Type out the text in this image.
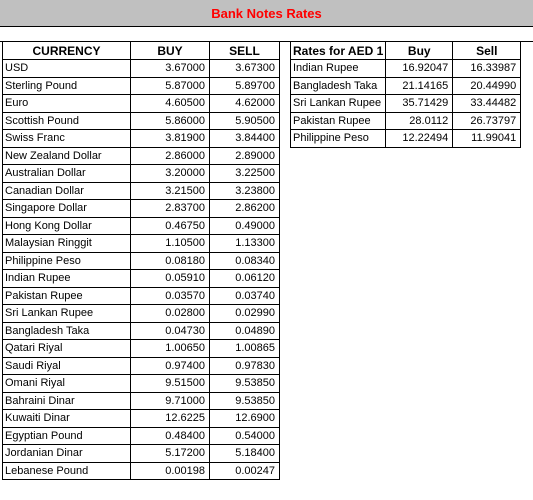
Bank Notes Rates
CURRENCY	BUY	SELL
USD	3.67000	3.67300
Sterling Pound	5.87000	5.89700
Euro	4.60500	4.62000
Scottish Pound	5.86000	5.90500
Swiss Franc	3.81900	3.84400
New Zealand Dollar	2.86000	2.89000
Australian Dollar	3.20000	3.22500
Canadian Dollar	3.21500	3.23800
Singapore Dollar	2.83700	2.86200
Hong Kong Dollar	0.46750	0.49000
Malaysian Ringgit	1.10500	1.13300
Philippine Peso	0.08180	0.08340
Indian Rupee	0.05910	0.06120
Pakistan Rupee	0.03570	0.03740
Sri Lankan Rupee	0.02800	0.02990
Bangladesh Taka	0.04730	0.04890
Qatari Riyal	1.00650	1.00865
Saudi Riyal	0.97400	0.97830
Omani Riyal	9.51500	9.53850
Bahraini Dinar	9.71000	9.53850
Kuwaiti Dinar	12.6225	12.6900
Egyptian Pound	0.48400	0.54000
Jordanian Dinar	5.17200	5.18400
Lebanese Pound	0.00198	0.00247
Rates for AED 1	Buy	Sell
Indian Rupee	16.92047	16.33987
Bangladesh Taka	21.14165	20.44990
Sri Lankan Rupee	35.71429	33.44482
Pakistan Rupee	28.0112	26.73797
Philippine Peso	12.22494	11.99041
